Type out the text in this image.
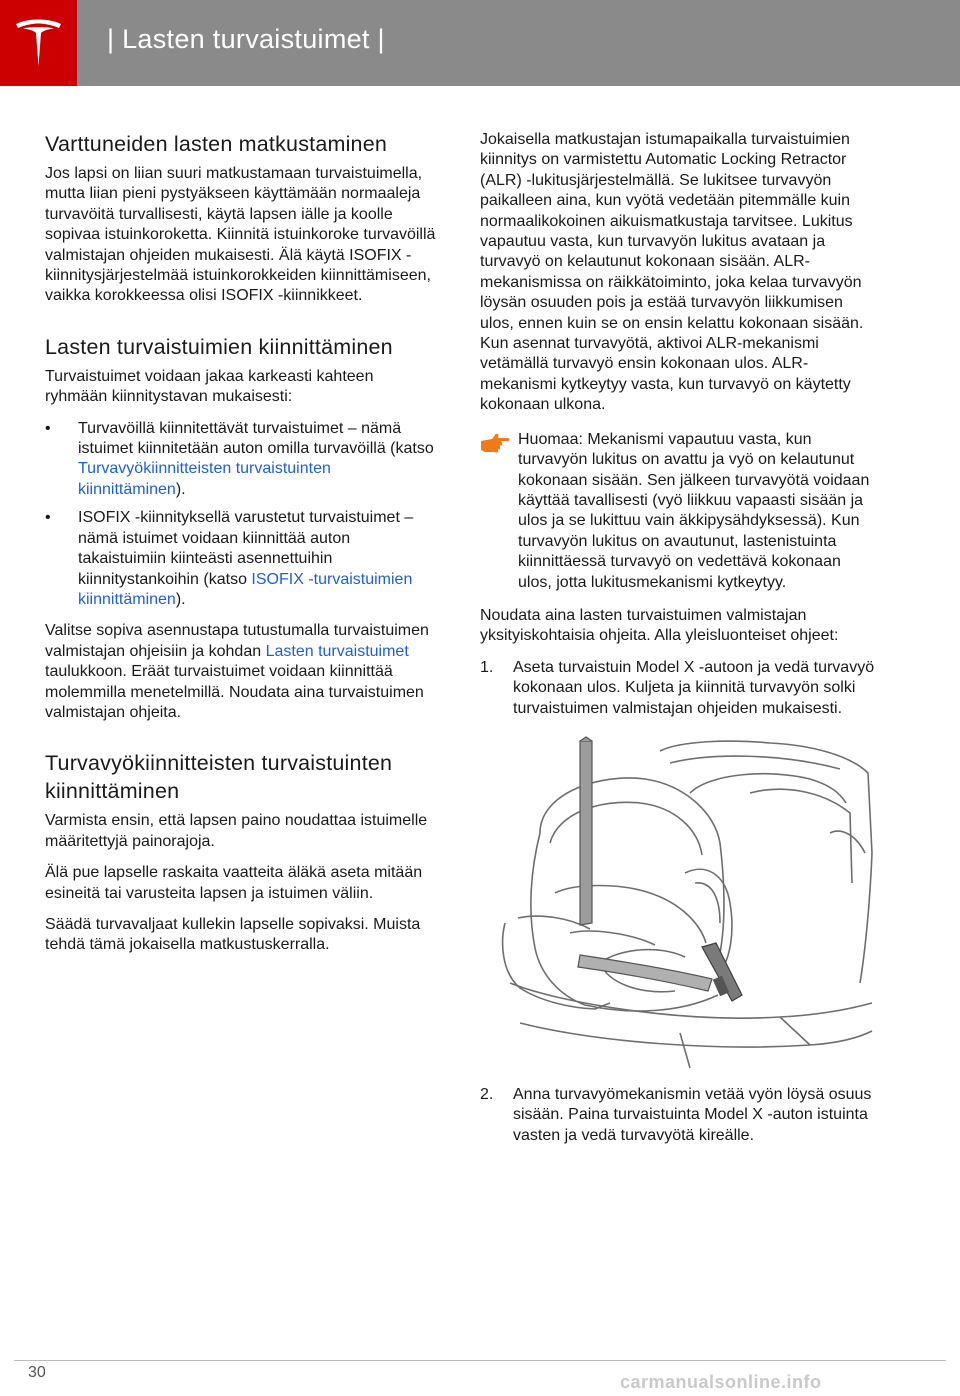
| Lasten turvaistuimet |
Varttuneiden lasten matkustaminen

Jos lapsi on liian suuri matkustamaan turvaistuimella, mutta liian pieni pystyäkseen käyttämään normaaleja turvavöitä turvallisesti, käytä lapsen iälle ja koolle sopivaa istuinkoroketta. Kiinnitä istuinkoroke turvavöillä valmistajan ohjeiden mukaisesti. Älä käytä ISOFIX -kiinnitysjärjestelmää istuinkorokkeiden kiinnittämiseen, vaikka korokkeessa olisi ISOFIX -kiinnikkeet.

Lasten turvaistuimien kiinnittäminen

Turvaistuimet voidaan jakaa karkeasti kahteen ryhmään kiinnitystavan mukaisesti:

• Turvavöillä kiinnitettävät turvaistuimet – nämä istuimet kiinnitetään auton omilla turvavöillä (katso Turvavyökiinnitteisten turvaistuinten kiinnittäminen).
• ISOFIX -kiinnityksellä varustetut turvaistuimet – nämä istuimet voidaan kiinnittää auton takaistuimiin kiinteästi asennettuihin kiinnitystankoihin (katso ISOFIX -turvaistuimien kiinnittäminen).

Valitse sopiva asennustapa tutustumalla turvaistuimen valmistajan ohjeisiin ja kohdan Lasten turvaistuimet taulukkoon. Eräät turvaistuimet voidaan kiinnittää molemmilla menetelmillä. Noudata aina turvaistuimen valmistajan ohjeita.

Turvavyökiinnitteisten turvaistuinten kiinnittäminen

Varmista ensin, että lapsen paino noudattaa istuimelle määritettyjä painorajoja.

Älä pue lapselle raskaita vaatteita äläkä aseta mitään esineitä tai varusteita lapsen ja istuimen väliin.

Säädä turvavaljaat kullekin lapselle sopivaksi. Muista tehdä tämä jokaisella matkustuskerralla.

Jokaisella matkustajan istumapaikalla turvaistuimien kiinnitys on varmistettu Automatic Locking Retractor (ALR) -lukitusjärjestelmällä. Se lukitsee turvavyön paikalleen aina, kun vyötä vedetään pitemmälle kuin normaalikokoinen aikuismatkustaja tarvitsee. Lukitus vapautuu vasta, kun turvavyön lukitus avataan ja turvavyö on kelautunut kokonaan sisään. ALR-mekanismissa on räikkätoiminto, joka kelaa turvavyön löysän osuuden pois ja estää turvavyön liikkumisen ulos, ennen kuin se on ensin kelattu kokonaan sisään. Kun asennat turvavyötä, aktivoi ALR-mekanismi vetämällä turvavyö ensin kokonaan ulos. ALR-mekanismi kytkeytyy vasta, kun turvavyö on käytetty kokonaan ulkona.

Huomaa: Mekanismi vapautuu vasta, kun turvavyön lukitus on avattu ja vyö on kelautunut kokonaan sisään. Sen jälkeen turvavyötä voidaan käyttää tavallisesti (vyö liikkuu vapaasti sisään ja ulos ja se lukittuu vain äkkipysähdyksessä). Kun turvavyön lukitus on avautunut, lastenistuinta kiinnittäessä turvavyö on vedettävä kokonaan ulos, jotta lukitusmekanismi kytkeytyy.

Noudata aina lasten turvaistuimen valmistajan yksityiskohtaisia ohjeita. Alla yleisluonteiset ohjeet:

1. Aseta turvaistuin Model X -autoon ja vedä turvavyö kokonaan ulos. Kuljeta ja kiinnitä turvavyön solki turvaistuimen valmistajan ohjeiden mukaisesti.
2. Anna turvavyömekanismin vetää vyön löysä osuus sisään. Paina turvaistuinta Model X -auton istuinta vasten ja vedä turvavyötä kireälle.
30	carmanualsonline.info
